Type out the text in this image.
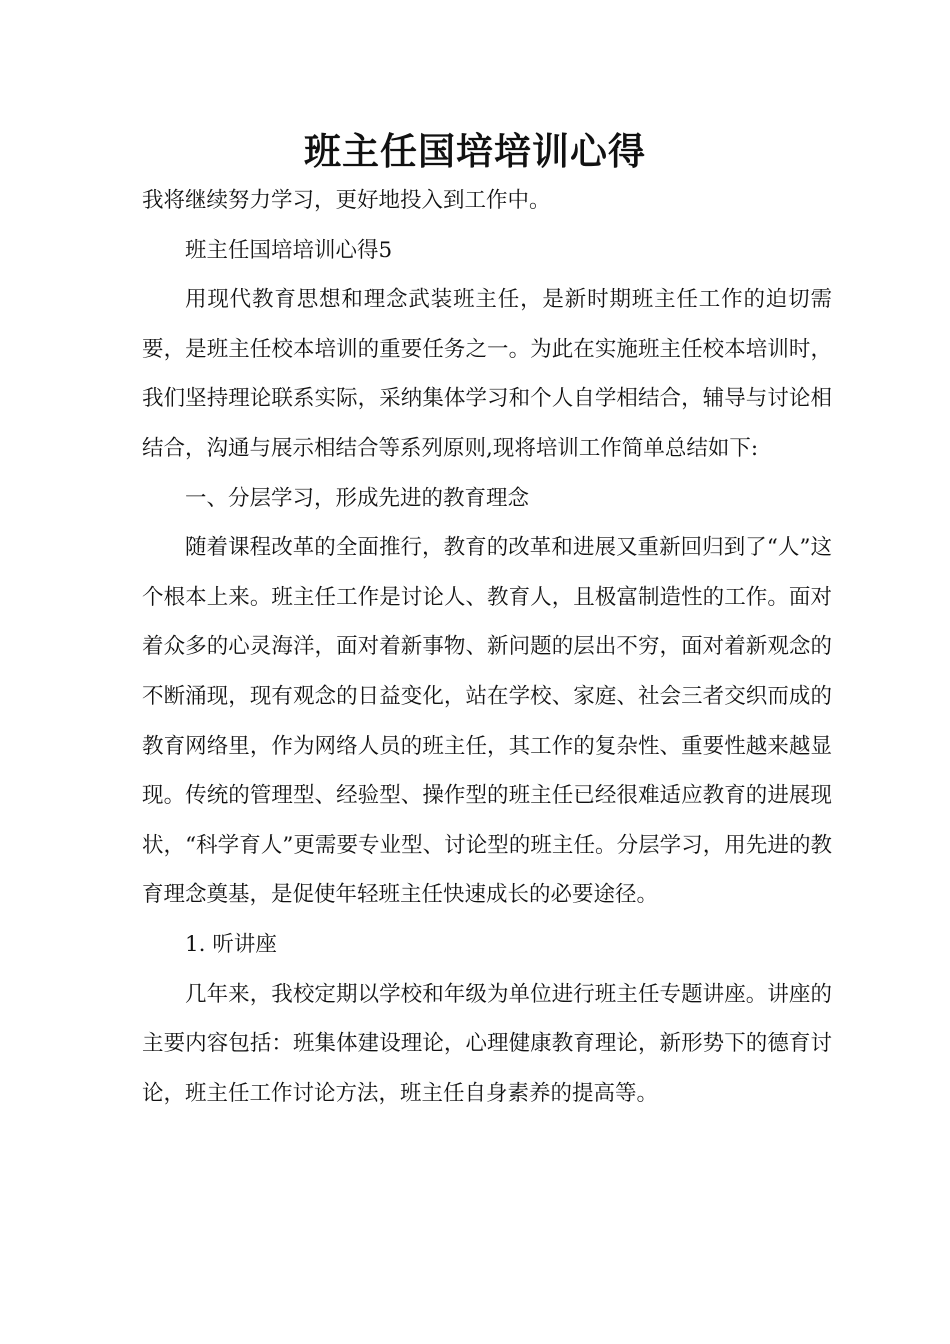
班主任国培培训心得

我将继续努力学习，更好地投入到工作中。

班主任国培培训心得5

用现代教育思想和理念武装班主任，是新时期班主任工作的迫切需要，是班主任校本培训的重要任务之一。为此在实施班主任校本培训时，我们坚持理论联系实际，采纳集体学习和个人自学相结合，辅导与讨论相结合，沟通与展示相结合等系列原则,现将培训工作简单总结如下:

一、分层学习，形成先进的教育理念

随着课程改革的全面推行，教育的改革和进展又重新回归到了“人”这个根本上来。班主任工作是讨论人、教育人，且极富制造性的工作。面对着众多的心灵海洋，面对着新事物、新问题的层出不穷，面对着新观念的不断涌现，现有观念的日益变化，站在学校、家庭、社会三者交织而成的教育网络里，作为网络人员的班主任，其工作的复杂性、重要性越来越显现。传统的管理型、经验型、操作型的班主任已经很难适应教育的进展现状，“科学育人”更需要专业型、讨论型的班主任。分层学习，用先进的教育理念奠基，是促使年轻班主任快速成长的必要途径。

1. 听讲座

几年来，我校定期以学校和年级为单位进行班主任专题讲座。讲座的主要内容包括：班集体建设理论，心理健康教育理论，新形势下的德育讨论，班主任工作讨论方法，班主任自身素养的提高等。
